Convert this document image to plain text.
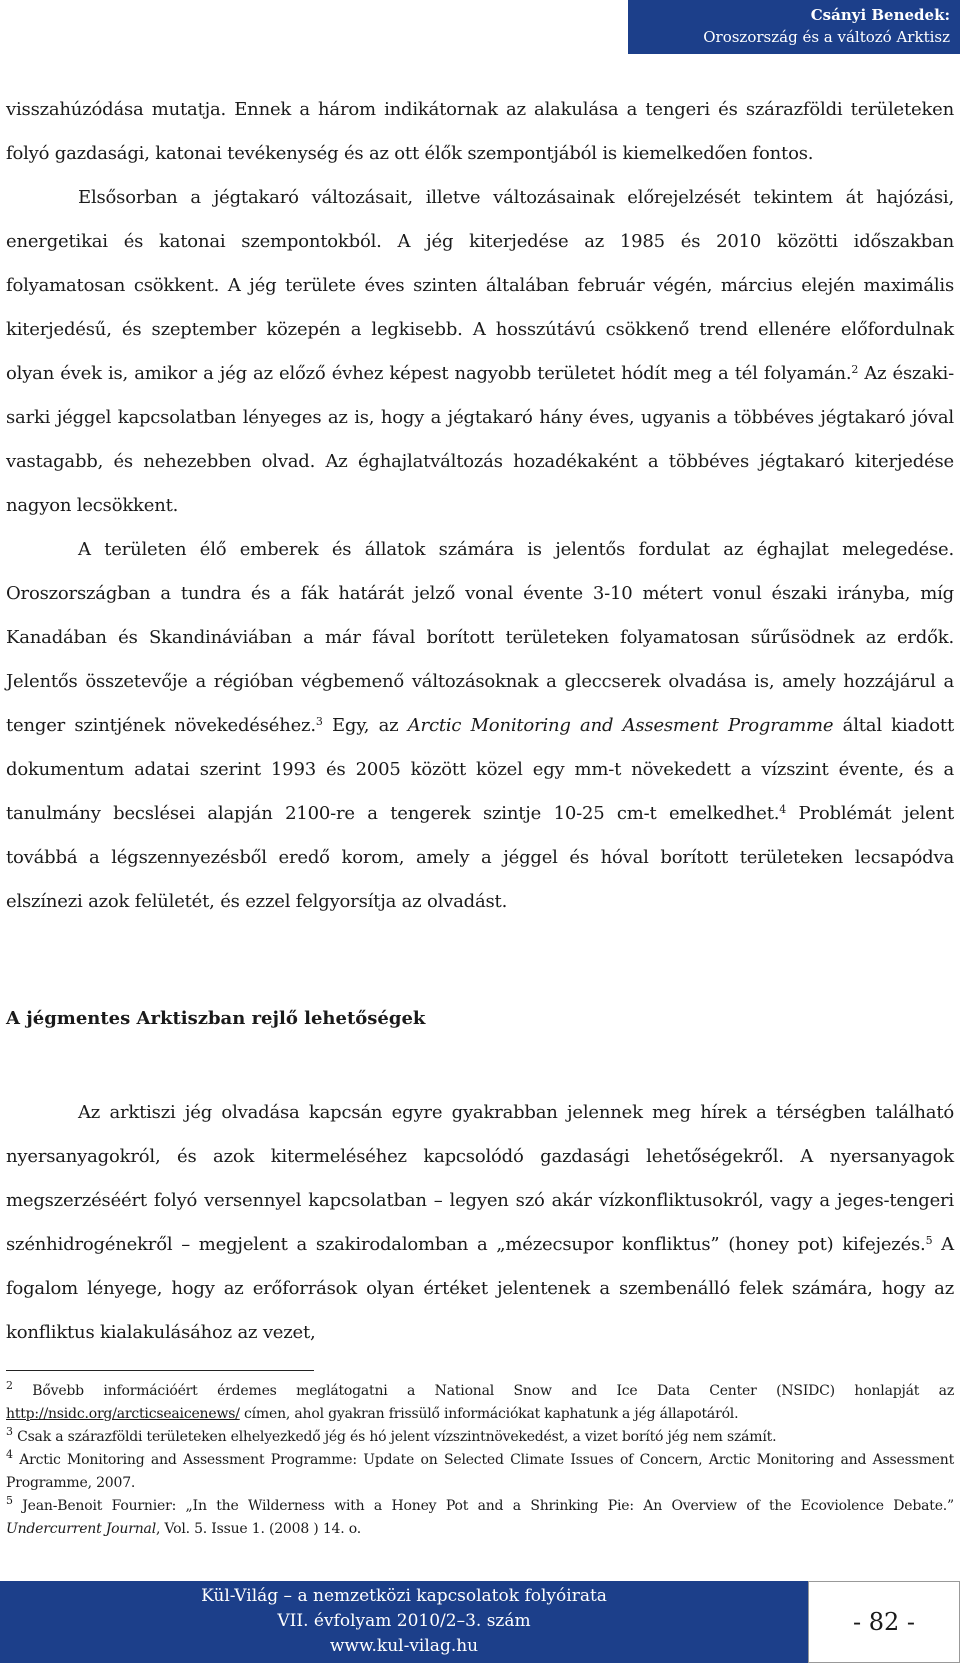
Csányi Benedek:
Oroszország és a változó Arktisz

visszahúzódása mutatja. Ennek a három indikátornak az alakulása a tengeri és szárazföldi területeken folyó gazdasági, katonai tevékenység és az ott élők szempontjából is kiemelkedően fontos.

Elsősorban a jégtakaró változásait, illetve változásainak előrejelzését tekintem át hajózási, energetikai és katonai szempontokból. A jég kiterjedése az 1985 és 2010 közötti időszakban folyamatosan csökkent. A jég területe éves szinten általában február végén, március elején maximális kiterjedésű, és szeptember közepén a legkisebb. A hosszútávú csökkenő trend ellenére előfordulnak olyan évek is, amikor a jég az előző évhez képest nagyobb területet hódít meg a tél folyamán.$^2$ Az északi-sarki jéggel kapcsolatban lényeges az is, hogy a jégtakaró hány éves, ugyanis a többéves jégtakaró jóval vastagabb, és nehezebben olvad. Az éghajlatváltozás hozadékaként a többéves jégtakaró kiterjedése nagyon lecsökkent.

A területen élő emberek és állatok számára is jelentős fordulat az éghajlat melegedése. Oroszországban a tundra és a fák határát jelző vonal évente 3-10 métert vonul északi irányba, míg Kanadában és Skandináviában a már fával borított területeken folyamatosan sűrűsödnek az erdők. Jelentős összetevője a régióban végbemenő változásoknak a gleccserek olvadása is, amely hozzájárul a tenger szintjének növekedéséhez.$^3$ Egy, az Arctic Monitoring and Assesment Programme által kiadott dokumentum adatai szerint 1993 és 2005 között közel egy mm-t növekedett a vízszint évente, és a tanulmány becslései alapján 2100-re a tengerek szintje 10-25 cm-t emelkedhet.$^4$ Problémát jelent továbbá a légszennyezésből eredő korom, amely a jéggel és hóval borított területeken lecsapódva elszínezi azok felületét, és ezzel felgyorsítja az olvadást.

A jégmentes Arktiszban rejlő lehetőségek

Az arktiszi jég olvadása kapcsán egyre gyakrabban jelennek meg hírek a térségben található nyersanyagokról, és azok kitermeléséhez kapcsolódó gazdasági lehetőségekről. A nyersanyagok megszerzéséért folyó versennyel kapcsolatban – legyen szó akár vízkonfliktusokról, vagy a jeges-tengeri szénhidrogénekről – megjelent a szakirodalomban a „mézecsupor konfliktus” (honey pot) kifejezés.$^5$ A fogalom lényege, hogy az erőforrások olyan értéket jelentenek a szembenálló felek számára, hogy az konfliktus kialakulásához az vezet,

$^2$ Bővebb információért érdemes meglátogatni a National Snow and Ice Data Center (NSIDC) honlapját az http://nsidc.org/arcticseaicenews/ címen, ahol gyakran frissülő információkat kaphatunk a jég állapotáról.

$^3$ Csak a szárazföldi területeken elhelyezkedő jég és hó jelent vízszintnövekedést, a vizet borító jég nem számít.

$^4$ Arctic Monitoring and Assessment Programme: Update on Selected Climate Issues of Concern, Arctic Monitoring and Assessment Programme, 2007.

$^5$ Jean-Benoit Fournier: „In the Wilderness with a Honey Pot and a Shrinking Pie: An Overview of the Ecoviolence Debate.” Undercurrent Journal, Vol. 5. Issue 1. (2008 ) 14. o.

Kül-Világ – a nemzetközi kapcsolatok folyóirata
VII. évfolyam 2010/2–3. szám
www.kul-vilag.hu
- 82 -
